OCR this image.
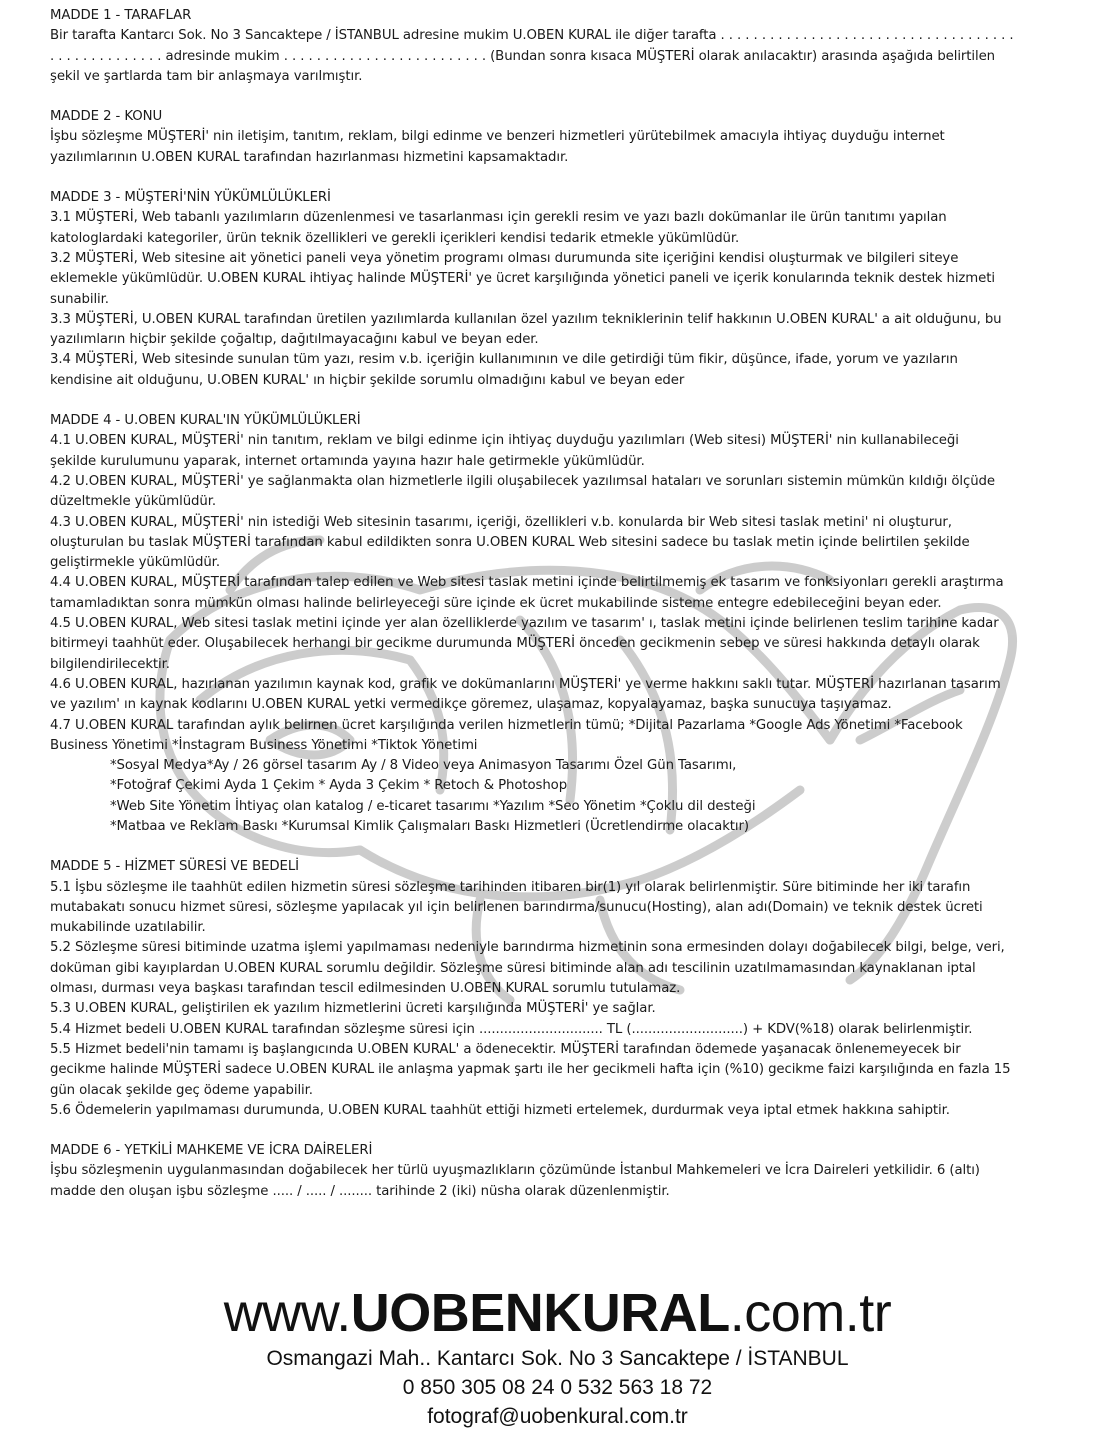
MADDE 1 - TARAFLAR

Bir tarafta Kantarcı Sok. No 3 Sancaktepe / İSTANBUL adresine mukim U.OBEN KURAL ile diğer tarafta . . . . . . . . . . . . . . . . . . . . . . . . . . . . . . . . . . . .

. . . . . . . . . . . . . . adresinde mukim . . . . . . . . . . . . . . . . . . . . . . . . . (Bundan sonra kısaca MÜŞTERİ olarak anılacaktır) arasında aşağıda belirtilen

şekil ve şartlarda tam bir anlaşmaya varılmıştır.

MADDE 2 - KONU

İşbu sözleşme MÜŞTERİ' nin iletişim, tanıtım, reklam, bilgi edinme ve benzeri hizmetleri yürütebilmek amacıyla ihtiyaç duyduğu internet

yazılımlarının U.OBEN KURAL tarafından hazırlanması hizmetini kapsamaktadır.

MADDE 3 - MÜŞTERİ'NİN YÜKÜMLÜLÜKLERİ

3.1 MÜŞTERİ, Web tabanlı yazılımların düzenlenmesi ve tasarlanması için gerekli resim ve yazı bazlı dokümanlar ile ürün tanıtımı yapılan

katologlardaki kategoriler, ürün teknik özellikleri ve gerekli içerikleri kendisi tedarik etmekle yükümlüdür.

3.2 MÜŞTERİ, Web sitesine ait yönetici paneli veya yönetim programı olması durumunda site içeriğini kendisi oluşturmak ve bilgileri siteye

eklemekle yükümlüdür. U.OBEN KURAL ihtiyaç halinde MÜŞTERİ' ye ücret karşılığında yönetici paneli ve içerik konularında teknik destek hizmeti

sunabilir.

3.3 MÜŞTERİ, U.OBEN KURAL tarafından üretilen yazılımlarda kullanılan özel yazılım tekniklerinin telif hakkının U.OBEN KURAL' a ait olduğunu, bu

yazılımların hiçbir şekilde çoğaltıp, dağıtılmayacağını kabul ve beyan eder.

3.4 MÜŞTERİ, Web sitesinde sunulan tüm yazı, resim v.b. içeriğin kullanımının ve dile getirdiği tüm fikir, düşünce, ifade, yorum ve yazıların

kendisine ait olduğunu, U.OBEN KURAL' ın hiçbir şekilde sorumlu olmadığını kabul ve beyan eder

MADDE 4 - U.OBEN KURAL'IN YÜKÜMLÜLÜKLERİ

4.1 U.OBEN KURAL, MÜŞTERİ' nin tanıtım, reklam ve bilgi edinme için ihtiyaç duyduğu yazılımları (Web sitesi) MÜŞTERİ' nin kullanabileceği

şekilde kurulumunu yaparak, internet ortamında yayına hazır hale getirmekle yükümlüdür.

4.2 U.OBEN KURAL, MÜŞTERİ' ye sağlanmakta olan hizmetlerle ilgili oluşabilecek yazılımsal hataları ve sorunları sistemin mümkün kıldığı ölçüde

düzeltmekle yükümlüdür.

4.3 U.OBEN KURAL, MÜŞTERİ' nin istediği Web sitesinin tasarımı, içeriği, özellikleri v.b. konularda bir Web sitesi taslak metini' ni oluşturur,

oluşturulan bu taslak MÜŞTERİ tarafından kabul edildikten sonra U.OBEN KURAL Web sitesini sadece bu taslak metin içinde belirtilen şekilde

geliştirmekle yükümlüdür.

4.4 U.OBEN KURAL, MÜŞTERİ tarafından talep edilen ve Web sitesi taslak metini içinde belirtilmemiş ek tasarım ve fonksiyonları gerekli araştırma

tamamladıktan sonra mümkün olması halinde belirleyeceği süre içinde ek ücret mukabilinde sisteme entegre edebileceğini beyan eder.

4.5 U.OBEN KURAL, Web sitesi taslak metini içinde yer alan özelliklerde yazılım ve tasarım' ı, taslak metini içinde belirlenen teslim tarihine kadar

bitirmeyi taahhüt eder. Oluşabilecek herhangi bir gecikme durumunda MÜŞTERİ önceden gecikmenin sebep ve süresi hakkında detaylı olarak

bilgilendirilecektir.

4.6 U.OBEN KURAL, hazırlanan yazılımın kaynak kod, grafik ve dokümanlarını MÜŞTERİ' ye verme hakkını saklı tutar. MÜŞTERİ hazırlanan tasarım

ve yazılım' ın kaynak kodlarını U.OBEN KURAL yetki vermedikçe göremez, ulaşamaz, kopyalayamaz, başka sunucuya taşıyamaz.

4.7 U.OBEN KURAL tarafından aylık belirnen ücret karşılığında verilen hizmetlerin tümü; *Dijital Pazarlama *Google Ads Yönetimi *Facebook

Business Yönetimi *İnstagram Business Yönetimi *Tiktok Yönetimi

*Sosyal Medya*Ay / 26 görsel tasarım Ay / 8 Video veya Animasyon Tasarımı Özel Gün Tasarımı,

*Fotoğraf Çekimi Ayda 1 Çekim * Ayda 3 Çekim * Retoch & Photoshop

*Web Site Yönetim İhtiyaç olan katalog / e-ticaret tasarımı *Yazılım *Seo Yönetim *Çoklu dil desteği

*Matbaa ve Reklam Baskı *Kurumsal Kimlik Çalışmaları Baskı Hizmetleri (Ücretlendirme olacaktır)

MADDE 5 - HİZMET SÜRESİ VE BEDELİ

5.1 İşbu sözleşme ile taahhüt edilen hizmetin süresi sözleşme tarihinden itibaren bir(1) yıl olarak belirlenmiştir. Süre bitiminde her iki tarafın

mutabakatı sonucu hizmet süresi, sözleşme yapılacak yıl için belirlenen barındırma/sunucu(Hosting), alan adı(Domain) ve teknik destek ücreti

mukabilinde uzatılabilir.

5.2 Sözleşme süresi bitiminde uzatma işlemi yapılmaması nedeniyle barındırma hizmetinin sona ermesinden dolayı doğabilecek bilgi, belge, veri,

doküman gibi kayıplardan U.OBEN KURAL sorumlu değildir. Sözleşme süresi bitiminde alan adı tescilinin uzatılmamasından kaynaklanan iptal

olması, durması veya başkası tarafından tescil edilmesinden U.OBEN KURAL sorumlu tutulamaz.

5.3 U.OBEN KURAL, geliştirilen ek yazılım hizmetlerini ücreti karşılığında MÜŞTERİ' ye sağlar.

5.4 Hizmet bedeli U.OBEN KURAL tarafından sözleşme süresi için .............................. TL (...........................) + KDV(%18) olarak belirlenmiştir.

5.5 Hizmet bedeli'nin tamamı iş başlangıcında U.OBEN KURAL' a ödenecektir. MÜŞTERİ tarafından ödemede yaşanacak önlenemeyecek bir

gecikme halinde MÜŞTERİ sadece U.OBEN KURAL ile anlaşma yapmak şartı ile her gecikmeli hafta için (%10) gecikme faizi karşılığında en fazla 15

gün olacak şekilde geç ödeme yapabilir.

5.6 Ödemelerin yapılmaması durumunda, U.OBEN KURAL taahhüt ettiği hizmeti ertelemek, durdurmak veya iptal etmek hakkına sahiptir.

MADDE 6 - YETKİLİ MAHKEME VE İCRA DAİRELERİ

İşbu sözleşmenin uygulanmasından doğabilecek her türlü uyuşmazlıkların çözümünde İstanbul Mahkemeleri ve İcra Daireleri yetkilidir. 6 (altı)

madde den oluşan işbu sözleşme ..... / ..... / ........ tarihinde 2 (iki) nüsha olarak düzenlenmiştir.

www.UOBENKURAL.com.tr
Osmangazi Mah.. Kantarcı Sok. No 3 Sancaktepe / İSTANBUL
0 850 305 08 24 0 532 563 18 72
fotograf@uobenkural.com.tr
